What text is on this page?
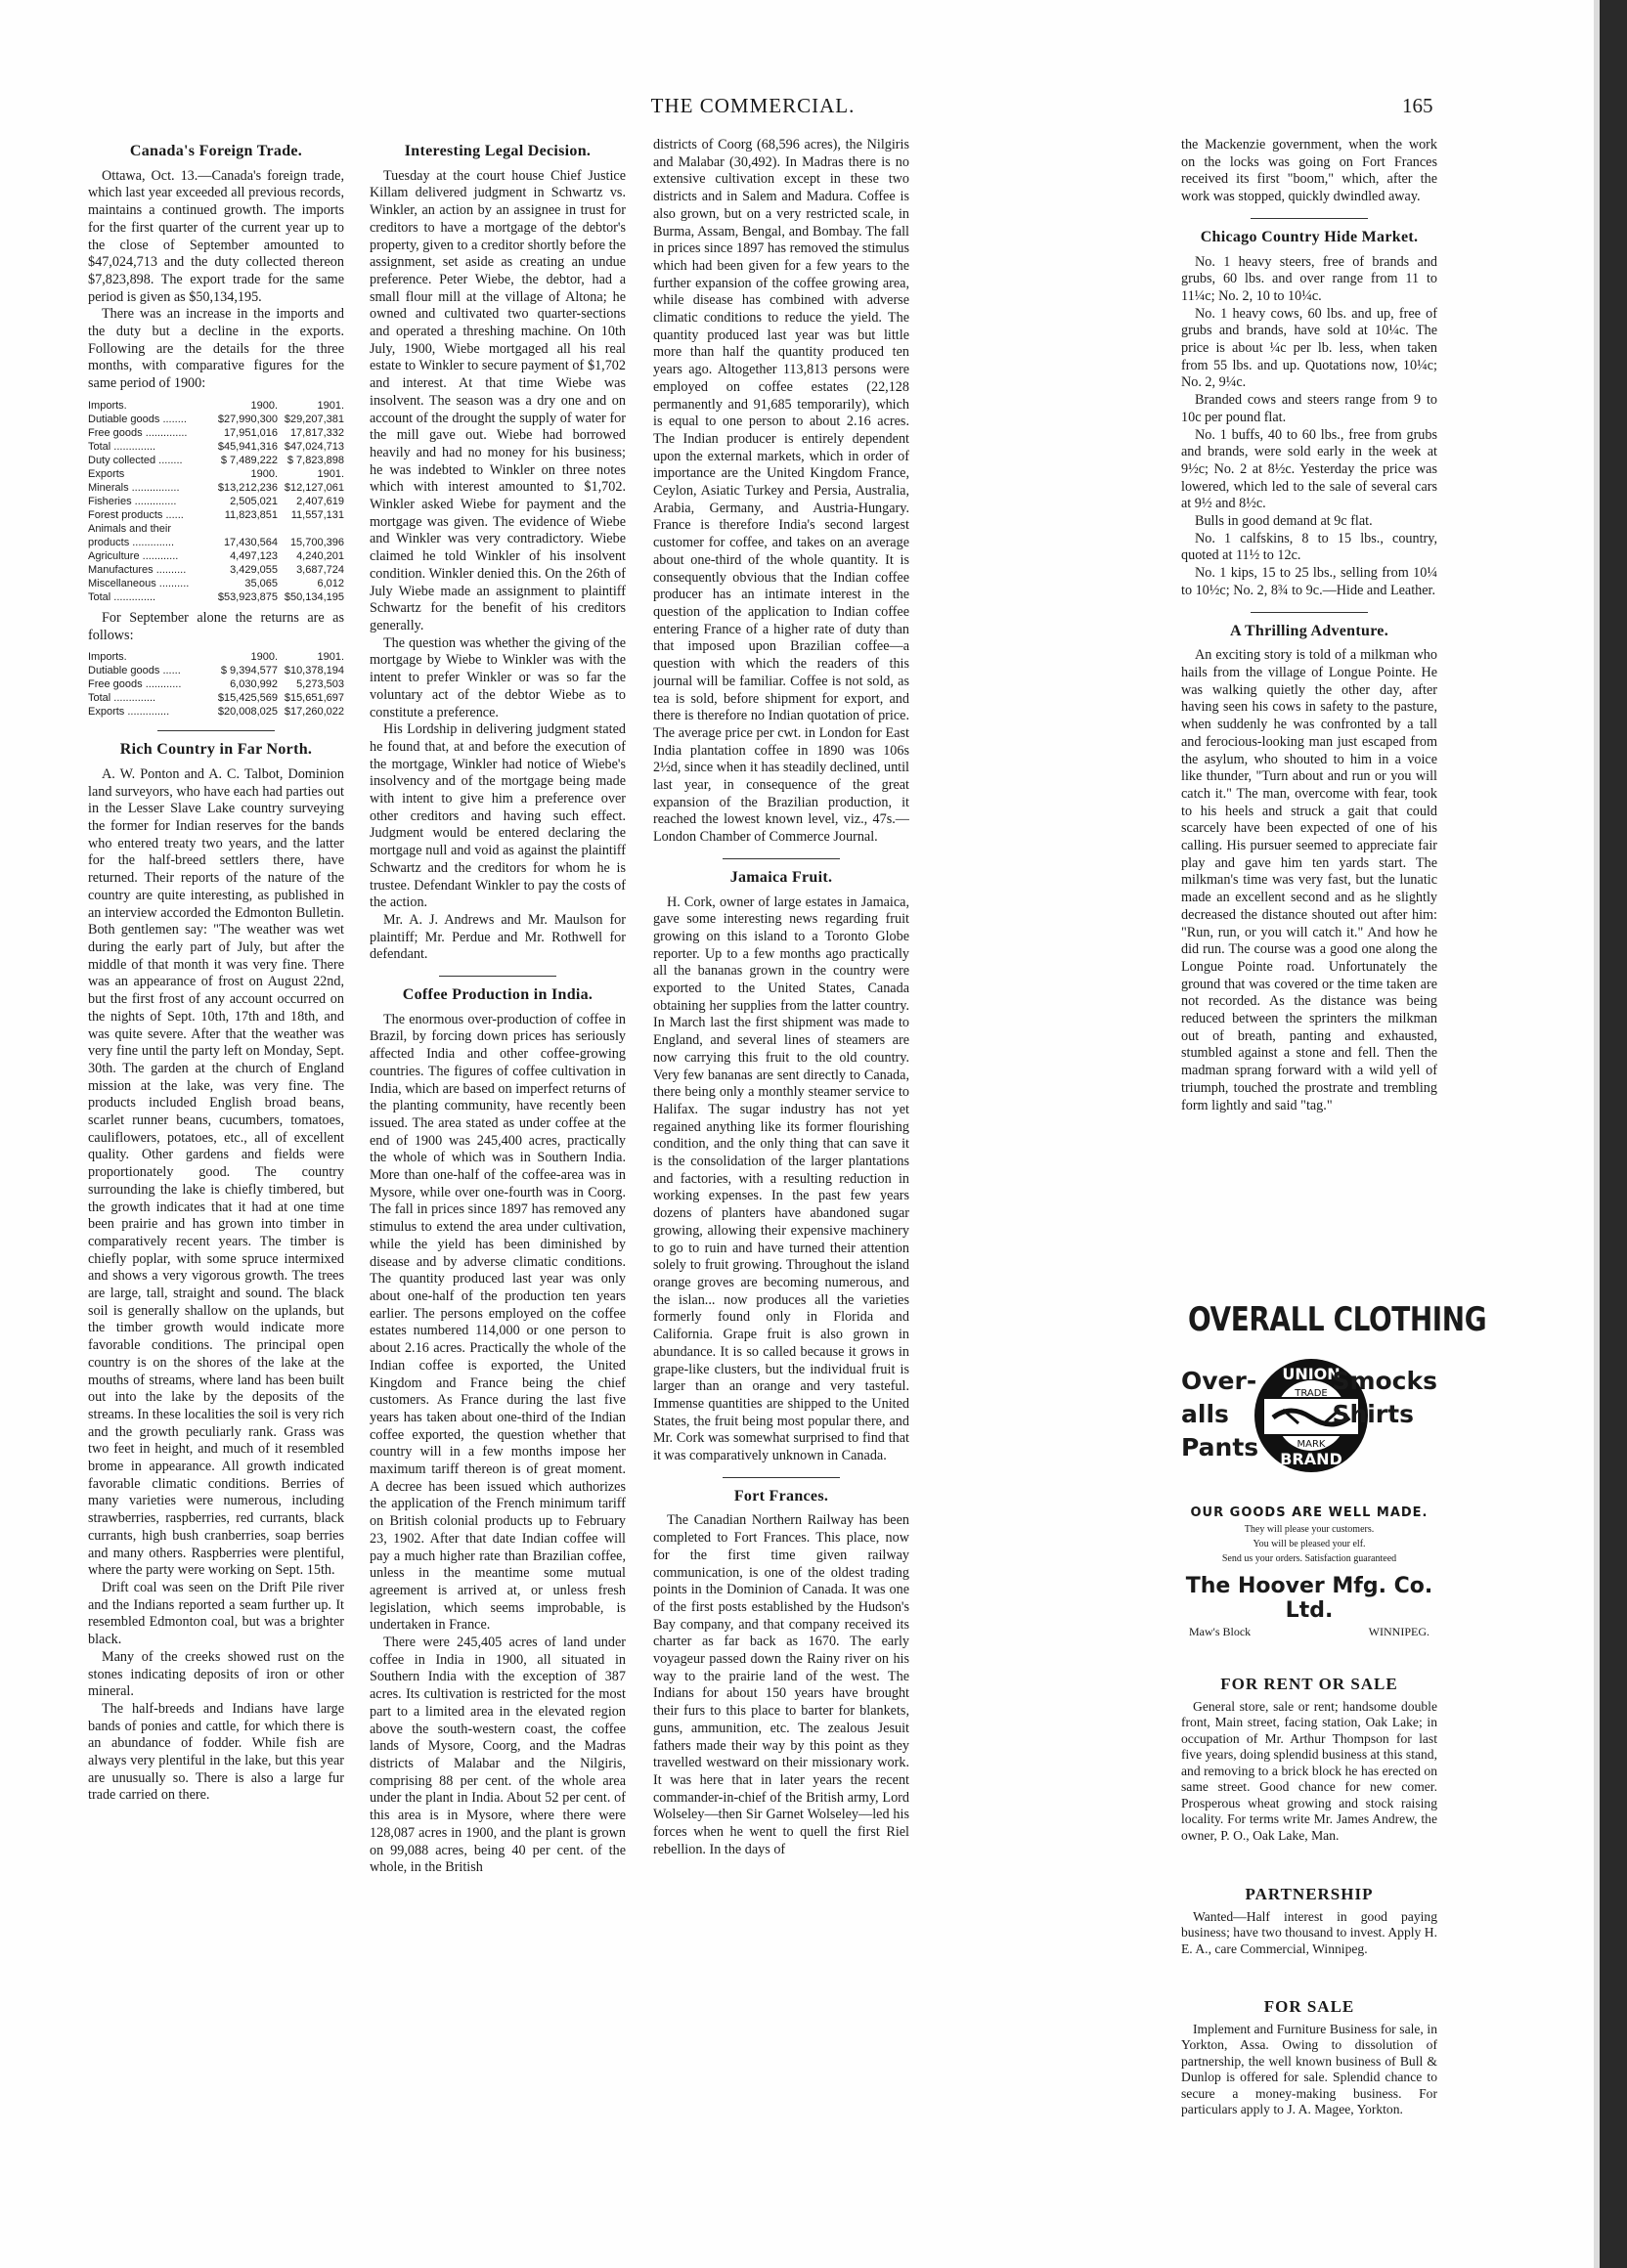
THE COMMERCIAL.	165
Canada's Foreign Trade.

Ottawa, Oct. 13.—Canada's foreign trade, which last year exceeded all previous records, maintains a continued growth. The imports for the first quarter of the current year up to the close of September amounted to $47,024,713 and the duty collected thereon $7,823,898. The export trade for the same period is given as $50,134,195.

There was an increase in the imports and the duty but a decline in the exports. Following are the details for the three months, with comparative figures for the same period of 1900:

Imports.	1900.	1901.
Dutiable goods ........	$27,990,300 $29,207,381
Free goods ..............	17,951,016	17,817,332
Total ..............	$45,941,316 $47,024,713
Duty collected ........	$ 7,489,222 $ 7,823,898
Exports	1900.	1901.
Minerals ................	$13,212,236 $12,127,061
Fisheries ..............	2,505,021	2,407,619
Forest products ......	11,823,851	11,557,131
Animals and their
products ..............	17,430,564	15,700,396
Agriculture ............	4,497,123	4,240,201
Manufactures ..........	3,429,055	3,687,724
Miscellaneous ..........	35,065	6,012
Total ..............	$53,923,875 $50,134,195

For September alone the returns are as follows:

Imports.	1900.	1901.
Dutiable goods ......	$ 9,394,577 $10,378,194
Free goods ............	6,030,992	5,273,503
Total ..............	$15,425,569 $15,651,697
Exports ..............	$20,008,025 $17,260,022
Rich Country in Far North.

A. W. Ponton and A. C. Talbot, Dominion land surveyors, who have each had parties out in the Lesser Slave Lake country surveying the former for Indian reserves for the bands who entered treaty two years, and the latter for the half-breed settlers there, have returned. Their reports of the nature of the country are quite interesting, as published in an interview accorded the Edmonton Bulletin. Both gentlemen say: "The weather was wet during the early part of July, but after the middle of that month it was very fine. There was an appearance of frost on August 22nd, but the first frost of any account occurred on the nights of Sept. 10th, 17th and 18th, and was quite severe. After that the weather was very fine until the party left on Monday, Sept. 30th. The garden at the church of England mission at the lake, was very fine. The products included English broad beans, scarlet runner beans, cucumbers, tomatoes, cauliflowers, potatoes, etc., all of excellent quality. Other gardens and fields were proportionately good. The country surrounding the lake is chiefly timbered, but the growth indicates that it had at one time been prairie and has grown into timber in comparatively recent years. The timber is chiefly poplar, with some spruce intermixed and shows a very vigorous growth. The trees are large, tall, straight and sound. The black soil is generally shallow on the uplands, but the timber growth would indicate more favorable conditions. The principal open country is on the shores of the lake at the mouths of streams, where land has been built out into the lake by the deposits of the streams. In these localities the soil is very rich and the growth peculiarly rank. Grass was two feet in height, and much of it resembled brome in appearance. All growth indicated favorable climatic conditions. Berries of many varieties were numerous, including strawberries, raspberries, red currants, black currants, high bush cranberries, soap berries and many others. Raspberries were plentiful, where the party were working on Sept. 15th.

Drift coal was seen on the Drift Pile river and the Indians reported a seam further up. It resembled Edmonton coal, but was a brighter black.

Many of the creeks showed rust on the stones indicating deposits of iron or other mineral.

The half-breeds and Indians have large bands of ponies and cattle, for which there is an abundance of fodder. While fish are always very plentiful in the lake, but this year are unusually so. There is also a large fur trade carried on there.

Interesting Legal Decision.

Tuesday at the court house Chief Justice Killam delivered judgment in Schwartz vs. Winkler, an action by an assignee in trust for creditors to have a mortgage of the debtor's property, given to a creditor shortly before the assignment, set aside as creating an undue preference. Peter Wiebe, the debtor, had a small flour mill at the village of Altona; he owned and cultivated two quarter-sections and operated a threshing machine. On 10th July, 1900, Wiebe mortgaged all his real estate to Winkler to secure payment of $1,702 and interest. At that time Wiebe was insolvent. The season was a dry one and on account of the drought the supply of water for the mill gave out. Wiebe had borrowed heavily and had no money for his business; he was indebted to Winkler on three notes which with interest amounted to $1,702. Winkler asked Wiebe for payment and the mortgage was given. The evidence of Wiebe and Winkler was very contradictory. Wiebe claimed he told Winkler of his insolvent condition. Winkler denied this. On the 26th of July Wiebe made an assignment to plaintiff Schwartz for the benefit of his creditors generally.

The question was whether the giving of the mortgage by Wiebe to Winkler was with the intent to prefer Winkler or was so far the voluntary act of the debtor Wiebe as to constitute a preference.

His Lordship in delivering judgment stated he found that, at and before the execution of the mortgage, Winkler had notice of Wiebe's insolvency and of the mortgage being made with intent to give him a preference over other creditors and having such effect. Judgment would be entered declaring the mortgage null and void as against the plaintiff Schwartz and the creditors for whom he is trustee. Defendant Winkler to pay the costs of the action.

Mr. A. J. Andrews and Mr. Maulson for plaintiff; Mr. Perdue and Mr. Rothwell for defendant.

Coffee Production in India.

The enormous over-production of coffee in Brazil, by forcing down prices has seriously affected India and other coffee-growing countries. The figures of coffee cultivation in India, which are based on imperfect returns of the planting community, have recently been issued. The area stated as under coffee at the end of 1900 was 245,400 acres, practically the whole of which was in Southern India. More than one-half of the coffee-area was in Mysore, while over one-fourth was in Coorg. The fall in prices since 1897 has removed any stimulus to extend the area under cultivation, while the yield has been diminished by disease and by adverse climatic conditions. The quantity produced last year was only about one-half of the production ten years earlier. The persons employed on the coffee estates numbered 114,000 or one person to about 2.16 acres. Practically the whole of the Indian coffee is exported, the United Kingdom and France being the chief customers. As France during the last five years has taken about one-third of the Indian coffee exported, the question whether that country will in a few months impose her maximum tariff thereon is of great moment. A decree has been issued which authorizes the application of the French minimum tariff on British colonial products up to February 23, 1902. After that date Indian coffee will pay a much higher rate than Brazilian coffee, unless in the meantime some mutual agreement is arrived at, or unless fresh legislation, which seems improbable, is undertaken in France.

There were 245,405 acres of land under coffee in India in 1900, all situated in Southern India with the exception of 387 acres. Its cultivation is restricted for the most part to a limited area in the elevated region above the south-western coast, the coffee lands of Mysore, Coorg, and the Madras districts of Malabar and the Nilgiris, comprising 88 per cent. of the whole area under the plant in India. About 52 per cent. of this area is in Mysore, where there were 128,087 acres in 1900, and the plant is grown on 99,088 acres, being 40 per cent. of the whole, in the British

districts of Coorg (68,596 acres), the Nilgiris and Malabar (30,492). In Madras there is no extensive cultivation except in these two districts and in Salem and Madura. Coffee is also grown, but on a very restricted scale, in Burma, Assam, Bengal, and Bombay. The fall in prices since 1897 has removed the stimulus which had been given for a few years to the further expansion of the coffee growing area, while disease has combined with adverse climatic conditions to reduce the yield. The quantity produced last year was but little more than half the quantity produced ten years ago. Altogether 113,813 persons were employed on coffee estates (22,128 permanently and 91,685 temporarily), which is equal to one person to about 2.16 acres. The Indian producer is entirely dependent upon the external markets, which in order of importance are the United Kingdom France, Ceylon, Asiatic Turkey and Persia, Australia, Arabia, Germany, and Austria-Hungary. France is therefore India's second largest customer for coffee, and takes on an average about one-third of the whole quantity. It is consequently obvious that the Indian coffee producer has an intimate interest in the question of the application to Indian coffee entering France of a higher rate of duty than that imposed upon Brazilian coffee—a question with which the readers of this journal will be familiar. Coffee is not sold, as tea is sold, before shipment for export, and there is therefore no Indian quotation of price. The average price per cwt. in London for East India plantation coffee in 1890 was 106s 2½d, since when it has steadily declined, until last year, in consequence of the great expansion of the Brazilian production, it reached the lowest known level, viz., 47s.—London Chamber of Commerce Journal.

Jamaica Fruit.

H. Cork, owner of large estates in Jamaica, gave some interesting news regarding fruit growing on this island to a Toronto Globe reporter. Up to a few months ago practically all the bananas grown in the country were exported to the United States, Canada obtaining her supplies from the latter country. In March last the first shipment was made to England, and several lines of steamers are now carrying this fruit to the old country. Very few bananas are sent directly to Canada, there being only a monthly steamer service to Halifax. The sugar industry has not yet regained anything like its former flourishing condition, and the only thing that can save it is the consolidation of the larger plantations and factories, with a resulting reduction in working expenses. In the past few years dozens of planters have abandoned sugar growing, allowing their expensive machinery to go to ruin and have turned their attention solely to fruit growing. Throughout the island orange groves are becoming numerous, and the islan... now produces all the varieties formerly found only in Florida and California. Grape fruit is also grown in abundance. It is so called because it grows in grape-like clusters, but the individual fruit is larger than an orange and very tasteful. Immense quantities are shipped to the United States, the fruit being most popular there, and Mr. Cork was somewhat surprised to find that it was comparatively unknown in Canada.

Fort Frances.

The Canadian Northern Railway has been completed to Fort Frances. This place, now for the first time given railway communication, is one of the oldest trading points in the Dominion of Canada. It was one of the first posts established by the Hudson's Bay company, and that company received its charter as far back as 1670. The early voyageur passed down the Rainy river on his way to the prairie land of the west. The Indians for about 150 years have brought their furs to this place to barter for blankets, guns, ammunition, etc. The zealous Jesuit fathers made their way by this point as they travelled westward on their missionary work. It was here that in later years the recent commander-in-chief of the British army, Lord Wolseley—then Sir Garnet Wolseley—led his forces when he went to quell the first Riel rebellion. In the days of

the Mackenzie government, when the work on the locks was going on Fort Frances received its first "boom," which, after the work was stopped, quickly dwindled away.

Chicago Country Hide Market.

No. 1 heavy steers, free of brands and grubs, 60 lbs. and over range from 11 to 11¼c; No. 2, 10 to 10¼c.

No. 1 heavy cows, 60 lbs. and up, free of grubs and brands, have sold at 10¼c. The price is about ¼c per lb. less, when taken from 55 lbs. and up. Quotations now, 10¼c; No. 2, 9¼c.

Branded cows and steers range from 9 to 10c per pound flat.

No. 1 buffs, 40 to 60 lbs., free from grubs and brands, were sold early in the week at 9½c; No. 2 at 8½c. Yesterday the price was lowered, which led to the sale of several cars at 9½ and 8½c.

Bulls in good demand at 9c flat.

No. 1 calfskins, 8 to 15 lbs., country, quoted at 11½ to 12c.

No. 1 kips, 15 to 25 lbs., selling from 10¼ to 10½c; No. 2, 8¾ to 9c.—Hide and Leather.

A Thrilling Adventure.

An exciting story is told of a milkman who hails from the village of Longue Pointe. He was walking quietly the other day, after having seen his cows in safety to the pasture, when suddenly he was confronted by a tall and ferocious-looking man just escaped from the asylum, who shouted to him in a voice like thunder, "Turn about and run or you will catch it." The man, overcome with fear, took to his heels and struck a gait that could scarcely have been expected of one of his calling. His pursuer seemed to appreciate fair play and gave him ten yards start. The milkman's time was very fast, but the lunatic made an excellent second and as he slightly decreased the distance shouted out after him: "Run, run, or you will catch it." And how he did run. The course was a good one along the Longue Pointe road. Unfortunately the ground that was covered or the time taken are not recorded. As the distance was being reduced between the sprinters the milkman out of breath, panting and exhausted, stumbled against a stone and fell. Then the madman sprang forward with a wild yell of triumph, touched the prostrate and trembling form lightly and said "tag."

OVERALL CLOTHING
Over-
alls
Pants
UNION
TRADE
MARK
BRAND
Smocks
Shirts
OUR GOODS ARE WELL MADE.
They will please your customers.
You will be pleased your elf.
Send us your orders. Satisfaction guaranteed
The Hoover Mfg. Co. Ltd.
Maw's Block	WINNIPEG.
FOR RENT OR SALE

General store, sale or rent; handsome double front, Main street, facing station, Oak Lake; in occupation of Mr. Arthur Thompson for last five years, doing splendid business at this stand, and removing to a brick block he has erected on same street. Good chance for new comer. Prosperous wheat growing and stock raising locality. For terms write Mr. James Andrew, the owner, P. O., Oak Lake, Man.

PARTNERSHIP

Wanted—Half interest in good paying business; have two thousand to invest. Apply H. E. A., care Commercial, Winnipeg.

FOR SALE

Implement and Furniture Business for sale, in Yorkton, Assa. Owing to dissolution of partnership, the well known business of Bull & Dunlop is offered for sale. Splendid chance to secure a money-making business. For particulars apply to J. A. Magee, Yorkton.
